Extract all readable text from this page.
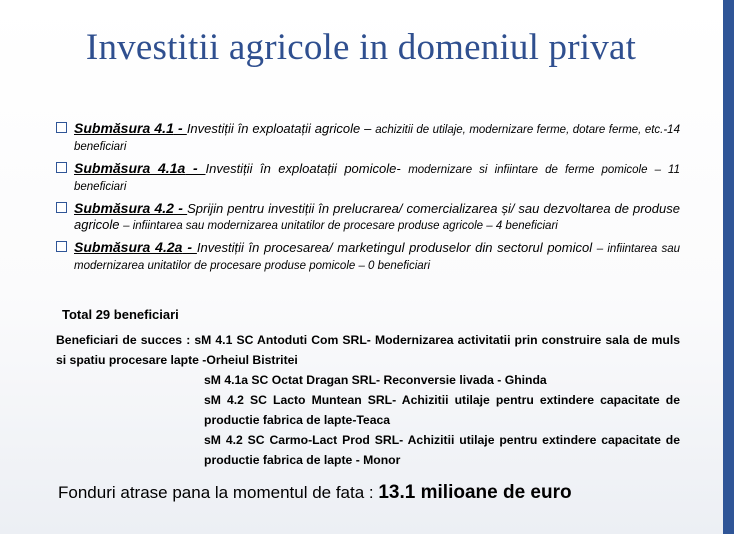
Investitii agricole in domeniul privat
Submăsura 4.1 - Investiții în exploatații agricole – achizitii de utilaje, modernizare ferme, dotare ferme, etc.-14 beneficiari
Submăsura 4.1a - Investiții în exploatații pomicole- modernizare si infiintare de ferme pomicole – 11 beneficiari
Submăsura 4.2 - Sprijin pentru investiții în prelucrarea/ comercializarea și/ sau dezvoltarea de produse agricole – infiintarea sau modernizarea unitatilor de procesare produse agricole – 4 beneficiari
Submăsura 4.2a - Investiții în procesarea/ marketingul produselor din sectorul pomicol – infiintarea sau modernizarea unitatilor de procesare produse pomicole – 0 beneficiari
Total 29 beneficiari
Beneficiari de succes : sM 4.1 SC Antoduti Com SRL- Modernizarea activitatii prin construire sala de muls si spatiu procesare lapte -Orheiul Bistritei
sM 4.1a SC Octat Dragan SRL- Reconversie livada - Ghinda
sM 4.2 SC Lacto Muntean SRL- Achizitii utilaje pentru extindere capacitate de productie fabrica de lapte-Teaca
sM 4.2 SC Carmo-Lact Prod SRL- Achizitii utilaje pentru extindere capacitate de productie fabrica de lapte - Monor
Fonduri atrase pana la momentul de fata : 13.1 milioane de euro
